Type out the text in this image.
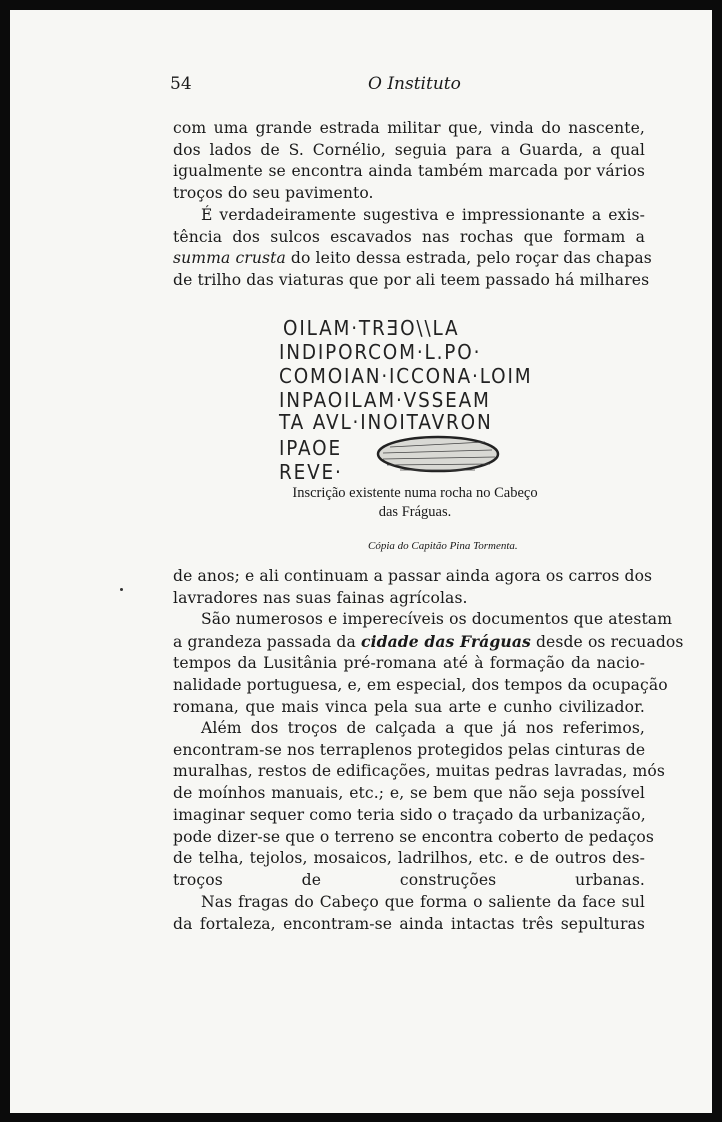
54	O Instituto

com uma grande estrada militar que, vinda do nascente,
dos lados de S. Cornélio, seguia para a Guarda, a qual
igualmente se encontra ainda também marcada por vários
troços do seu pavimento.

É verdadeiramente sugestiva e impressionante a exis-
tência dos sulcos escavados nas rochas que formam a
summa crusta do leito dessa estrada, pelo roçar das chapas
de trilho das viaturas que por ali teem passado há milhares

OILAM·TRƎO\\LA
INDIPORCOM·L.PO·
COMOIAN·ICCONA·LOIM
INPAOILAM·VSSEAM
TA AVL·INOITAVRON
IPAOE
REVE·
Inscrição existente numa rocha no Cabeço
das Fráguas.
Cópia do Capitão Pina Tormenta.

de anos; e ali continuam a passar ainda agora os carros dos
lavradores nas suas fainas agrícolas.

São numerosos e imperecíveis os documentos que atestam
a grandeza passada da cidade das Fráguas desde os recuados
tempos da Lusitânia pré-romana até à formação da nacio-
nalidade portuguesa, e, em especial, dos tempos da ocupação
romana, que mais vinca pela sua arte e cunho civilizador.

Além dos troços de calçada a que já nos referimos,
encontram-se nos terraplenos protegidos pelas cinturas de
muralhas, restos de edificações, muitas pedras lavradas, mós
de moínhos manuais, etc.; e, se bem que não seja possível
imaginar sequer como teria sido o traçado da urbanização,
pode dizer-se que o terreno se encontra coberto de pedaços
de telha, tejolos, mosaicos, ladrilhos, etc. e de outros des-
troços de construções urbanas.

Nas fragas do Cabeço que forma o saliente da face sul
da fortaleza, encontram-se ainda intactas três sepulturas
